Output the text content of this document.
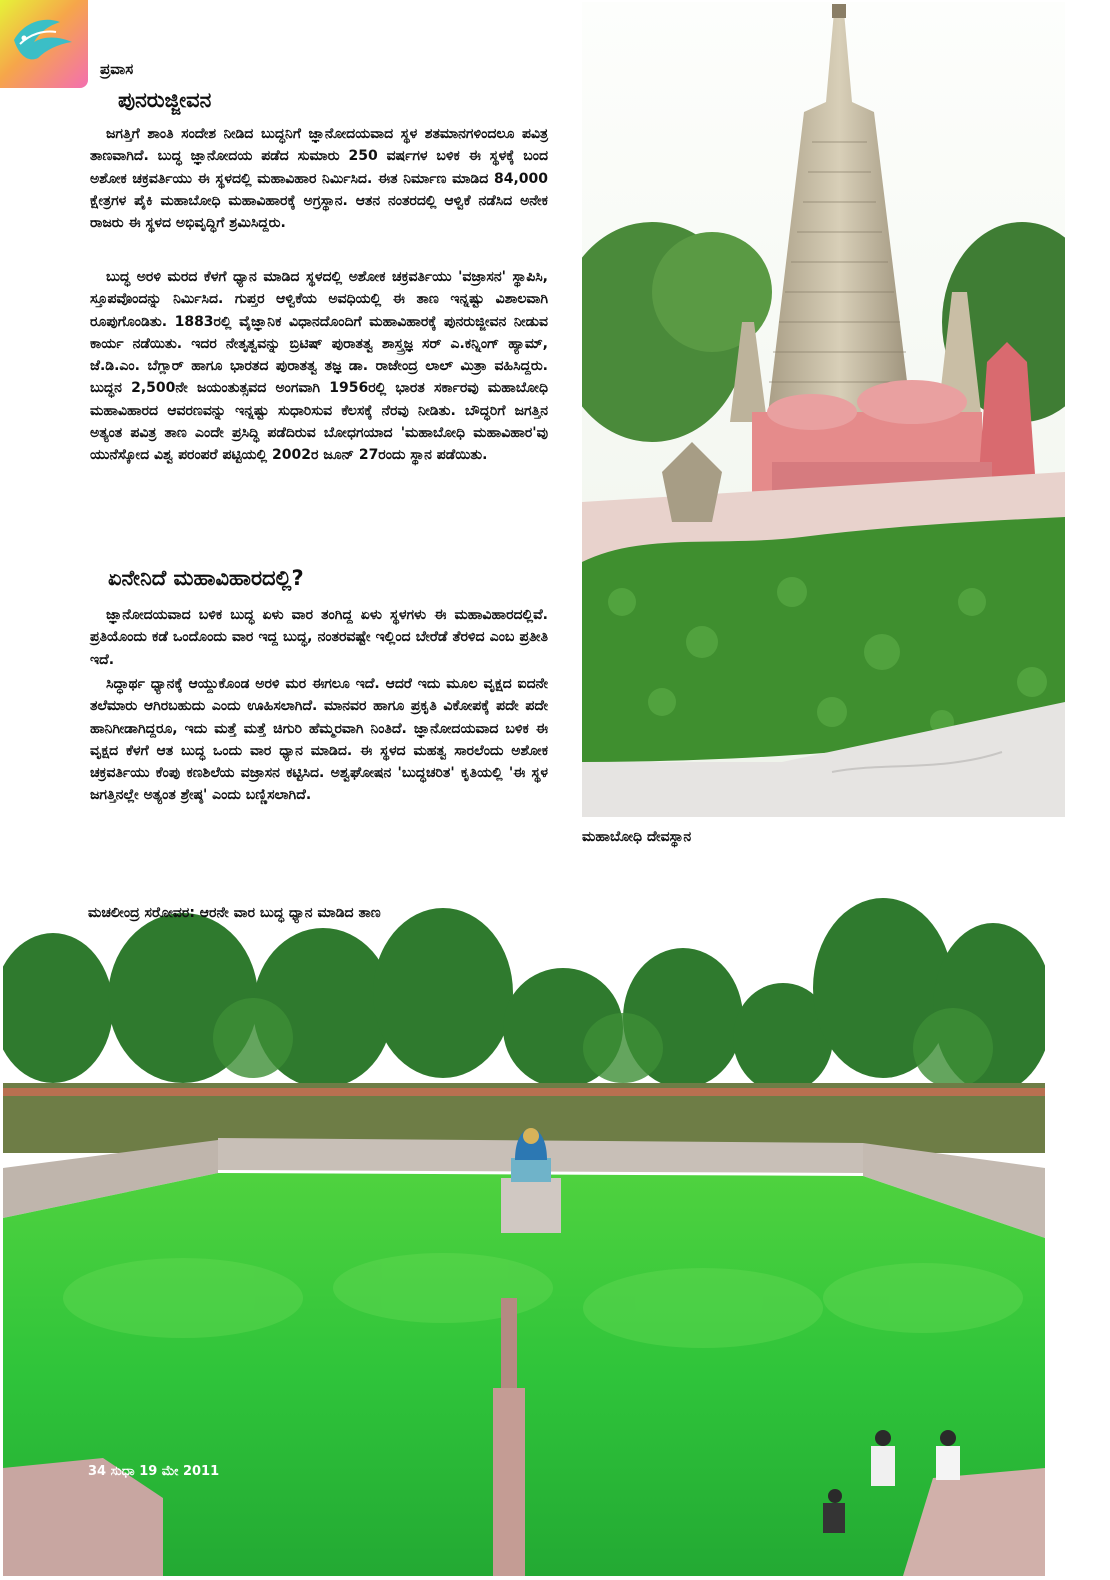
ಪ್ರವಾಸ
ಪುನರುಜ್ಜೀವನ
ಜಗತ್ತಿಗೆ ಶಾಂತಿ ಸಂದೇಶ ನೀಡಿದ ಬುದ್ಧನಿಗೆ ಜ್ಞಾನೋದಯವಾದ ಸ್ಥಳ ಶತಮಾನಗಳಿಂದಲೂ ಪವಿತ್ರ ತಾಣವಾಗಿದೆ. ಬುದ್ಧ ಜ್ಞಾನೋದಯ ಪಡೆದ ಸುಮಾರು 250 ವರ್ಷಗಳ ಬಳಿಕ ಈ ಸ್ಥಳಕ್ಕೆ ಬಂದ ಅಶೋಕ ಚಕ್ರವರ್ತಿಯು ಈ ಸ್ಥಳದಲ್ಲಿ ಮಹಾವಿಹಾರ ನಿರ್ಮಿಸಿದ. ಈತ ನಿರ್ಮಾಣ ಮಾಡಿದ 84,000 ಕ್ಷೇತ್ರಗಳ ಪೈಕಿ ಮಹಾಬೋಧಿ ಮಹಾವಿಹಾರಕ್ಕೆ ಅಗ್ರಸ್ಥಾನ. ಆತನ ನಂತರದಲ್ಲಿ ಆಳ್ವಿಕೆ ನಡೆಸಿದ ಅನೇಕ ರಾಜರು ಈ ಸ್ಥಳದ ಅಭಿವೃದ್ಧಿಗೆ ಶ್ರಮಿಸಿದ್ದರು.
ಬುದ್ಧ ಅರಳಿ ಮರದ ಕೆಳಗೆ ಧ್ಯಾನ ಮಾಡಿದ ಸ್ಥಳದಲ್ಲಿ ಅಶೋಕ ಚಕ್ರವರ್ತಿಯು 'ವಜ್ರಾಸನ' ಸ್ಥಾಪಿಸಿ, ಸ್ತೂಪವೊಂದನ್ನು ನಿರ್ಮಿಸಿದ. ಗುಪ್ತರ ಆಳ್ವಿಕೆಯ ಅವಧಿಯಲ್ಲಿ ಈ ತಾಣ ಇನ್ನಷ್ಟು ವಿಶಾಲವಾಗಿ ರೂಪುಗೊಂಡಿತು. 1883ರಲ್ಲಿ ವೈಜ್ಞಾನಿಕ ವಿಧಾನದೊಂದಿಗೆ ಮಹಾವಿಹಾರಕ್ಕೆ ಪುನರುಜ್ಜೀವನ ನೀಡುವ ಕಾರ್ಯ ನಡೆಯಿತು. ಇದರ ನೇತೃತ್ವವನ್ನು ಬ್ರಿಟಿಷ್ ಪುರಾತತ್ವ ಶಾಸ್ತ್ರಜ್ಞ ಸರ್ ಎ.ಕನ್ನಿಂಗ್ ಹ್ಯಾಮ್, ಜೆ.ಡಿ.ಎಂ. ಬೆಗ್ಲಾರ್ ಹಾಗೂ ಭಾರತದ ಪುರಾತತ್ವ ತಜ್ಞ ಡಾ. ರಾಜೇಂದ್ರ ಲಾಲ್ ಮಿತ್ರಾ ವಹಿಸಿದ್ದರು. ಬುದ್ಧನ 2,500ನೇ ಜಯಂತುತ್ಸವದ ಅಂಗವಾಗಿ 1956ರಲ್ಲಿ ಭಾರತ ಸರ್ಕಾರವು ಮಹಾಬೋಧಿ ಮಹಾವಿಹಾರದ ಆವರಣವನ್ನು ಇನ್ನಷ್ಟು ಸುಧಾರಿಸುವ ಕೆಲಸಕ್ಕೆ ನೆರವು ನೀಡಿತು. ಬೌದ್ಧರಿಗೆ ಜಗತ್ತಿನ ಅತ್ಯಂತ ಪವಿತ್ರ ತಾಣ ಎಂದೇ ಪ್ರಸಿದ್ಧಿ ಪಡೆದಿರುವ ಬೋಧಗಯಾದ 'ಮಹಾಬೋಧಿ ಮಹಾವಿಹಾರ'ವು ಯುನೆಸ್ಕೋದ ವಿಶ್ವ ಪರಂಪರೆ ಪಟ್ಟಿಯಲ್ಲಿ 2002ರ ಜೂನ್ 27ರಂದು ಸ್ಥಾನ ಪಡೆಯಿತು.
ಏನೇನಿದೆ ಮಹಾವಿಹಾರದಲ್ಲಿ?
ಜ್ಞಾನೋದಯವಾದ ಬಳಿಕ ಬುದ್ಧ ಏಳು ವಾರ ತಂಗಿದ್ದ ಏಳು ಸ್ಥಳಗಳು ಈ ಮಹಾವಿಹಾರದಲ್ಲಿವೆ. ಪ್ರತಿಯೊಂದು ಕಡೆ ಒಂದೊಂದು ವಾರ ಇದ್ದ ಬುದ್ಧ, ನಂತರವಷ್ಟೇ ಇಲ್ಲಿಂದ ಬೇರೆಡೆ ತೆರಳಿದ ಎಂಬ ಪ್ರತೀತಿ ಇದೆ.
ಸಿದ್ಧಾರ್ಥ ಧ್ಯಾನಕ್ಕೆ ಆಯ್ದುಕೊಂಡ ಅರಳಿ ಮರ ಈಗಲೂ ಇದೆ. ಆದರೆ ಇದು ಮೂಲ ವೃಕ್ಷದ ಐದನೇ ತಲೆಮಾರು ಆಗಿರಬಹುದು ಎಂದು ಊಹಿಸಲಾಗಿದೆ. ಮಾನವರ ಹಾಗೂ ಪ್ರಕೃತಿ ವಿಕೋಪಕ್ಕೆ ಪದೇ ಪದೇ ಹಾನಿಗೀಡಾಗಿದ್ದರೂ, ಇದು ಮತ್ತೆ ಮತ್ತೆ ಚಿಗುರಿ ಹೆಮ್ಮರವಾಗಿ ನಿಂತಿದೆ. ಜ್ಞಾನೋದಯವಾದ ಬಳಿಕ ಈ ವೃಕ್ಷದ ಕೆಳಗೆ ಆತ ಬುದ್ಧ ಒಂದು ವಾರ ಧ್ಯಾನ ಮಾಡಿದ. ಈ ಸ್ಥಳದ ಮಹತ್ವ ಸಾರಲೆಂದು ಅಶೋಕ ಚಕ್ರವರ್ತಿಯು ಕೆಂಪು ಕಣಶಿಲೆಯ ವಜ್ರಾಸನ ಕಟ್ಟಿಸಿದ. ಅಶ್ವಘೋಷನ 'ಬುದ್ಧಚರಿತ' ಕೃತಿಯಲ್ಲಿ 'ಈ ಸ್ಥಳ ಜಗತ್ತಿನಲ್ಲೇ ಅತ್ಯಂತ ಶ್ರೇಷ್ಠ' ಎಂದು ಬಣ್ಣಿಸಲಾಗಿದೆ.
ಮಹಾಬೋಧಿ ದೇವಸ್ಥಾನ
ಮಚಲೀಂದ್ರ ಸರೋವರ: ಆರನೇ ವಾರ ಬುದ್ಧ ಧ್ಯಾನ ಮಾಡಿದ ತಾಣ
34 ಸುಧಾ 19 ಮೇ 2011
